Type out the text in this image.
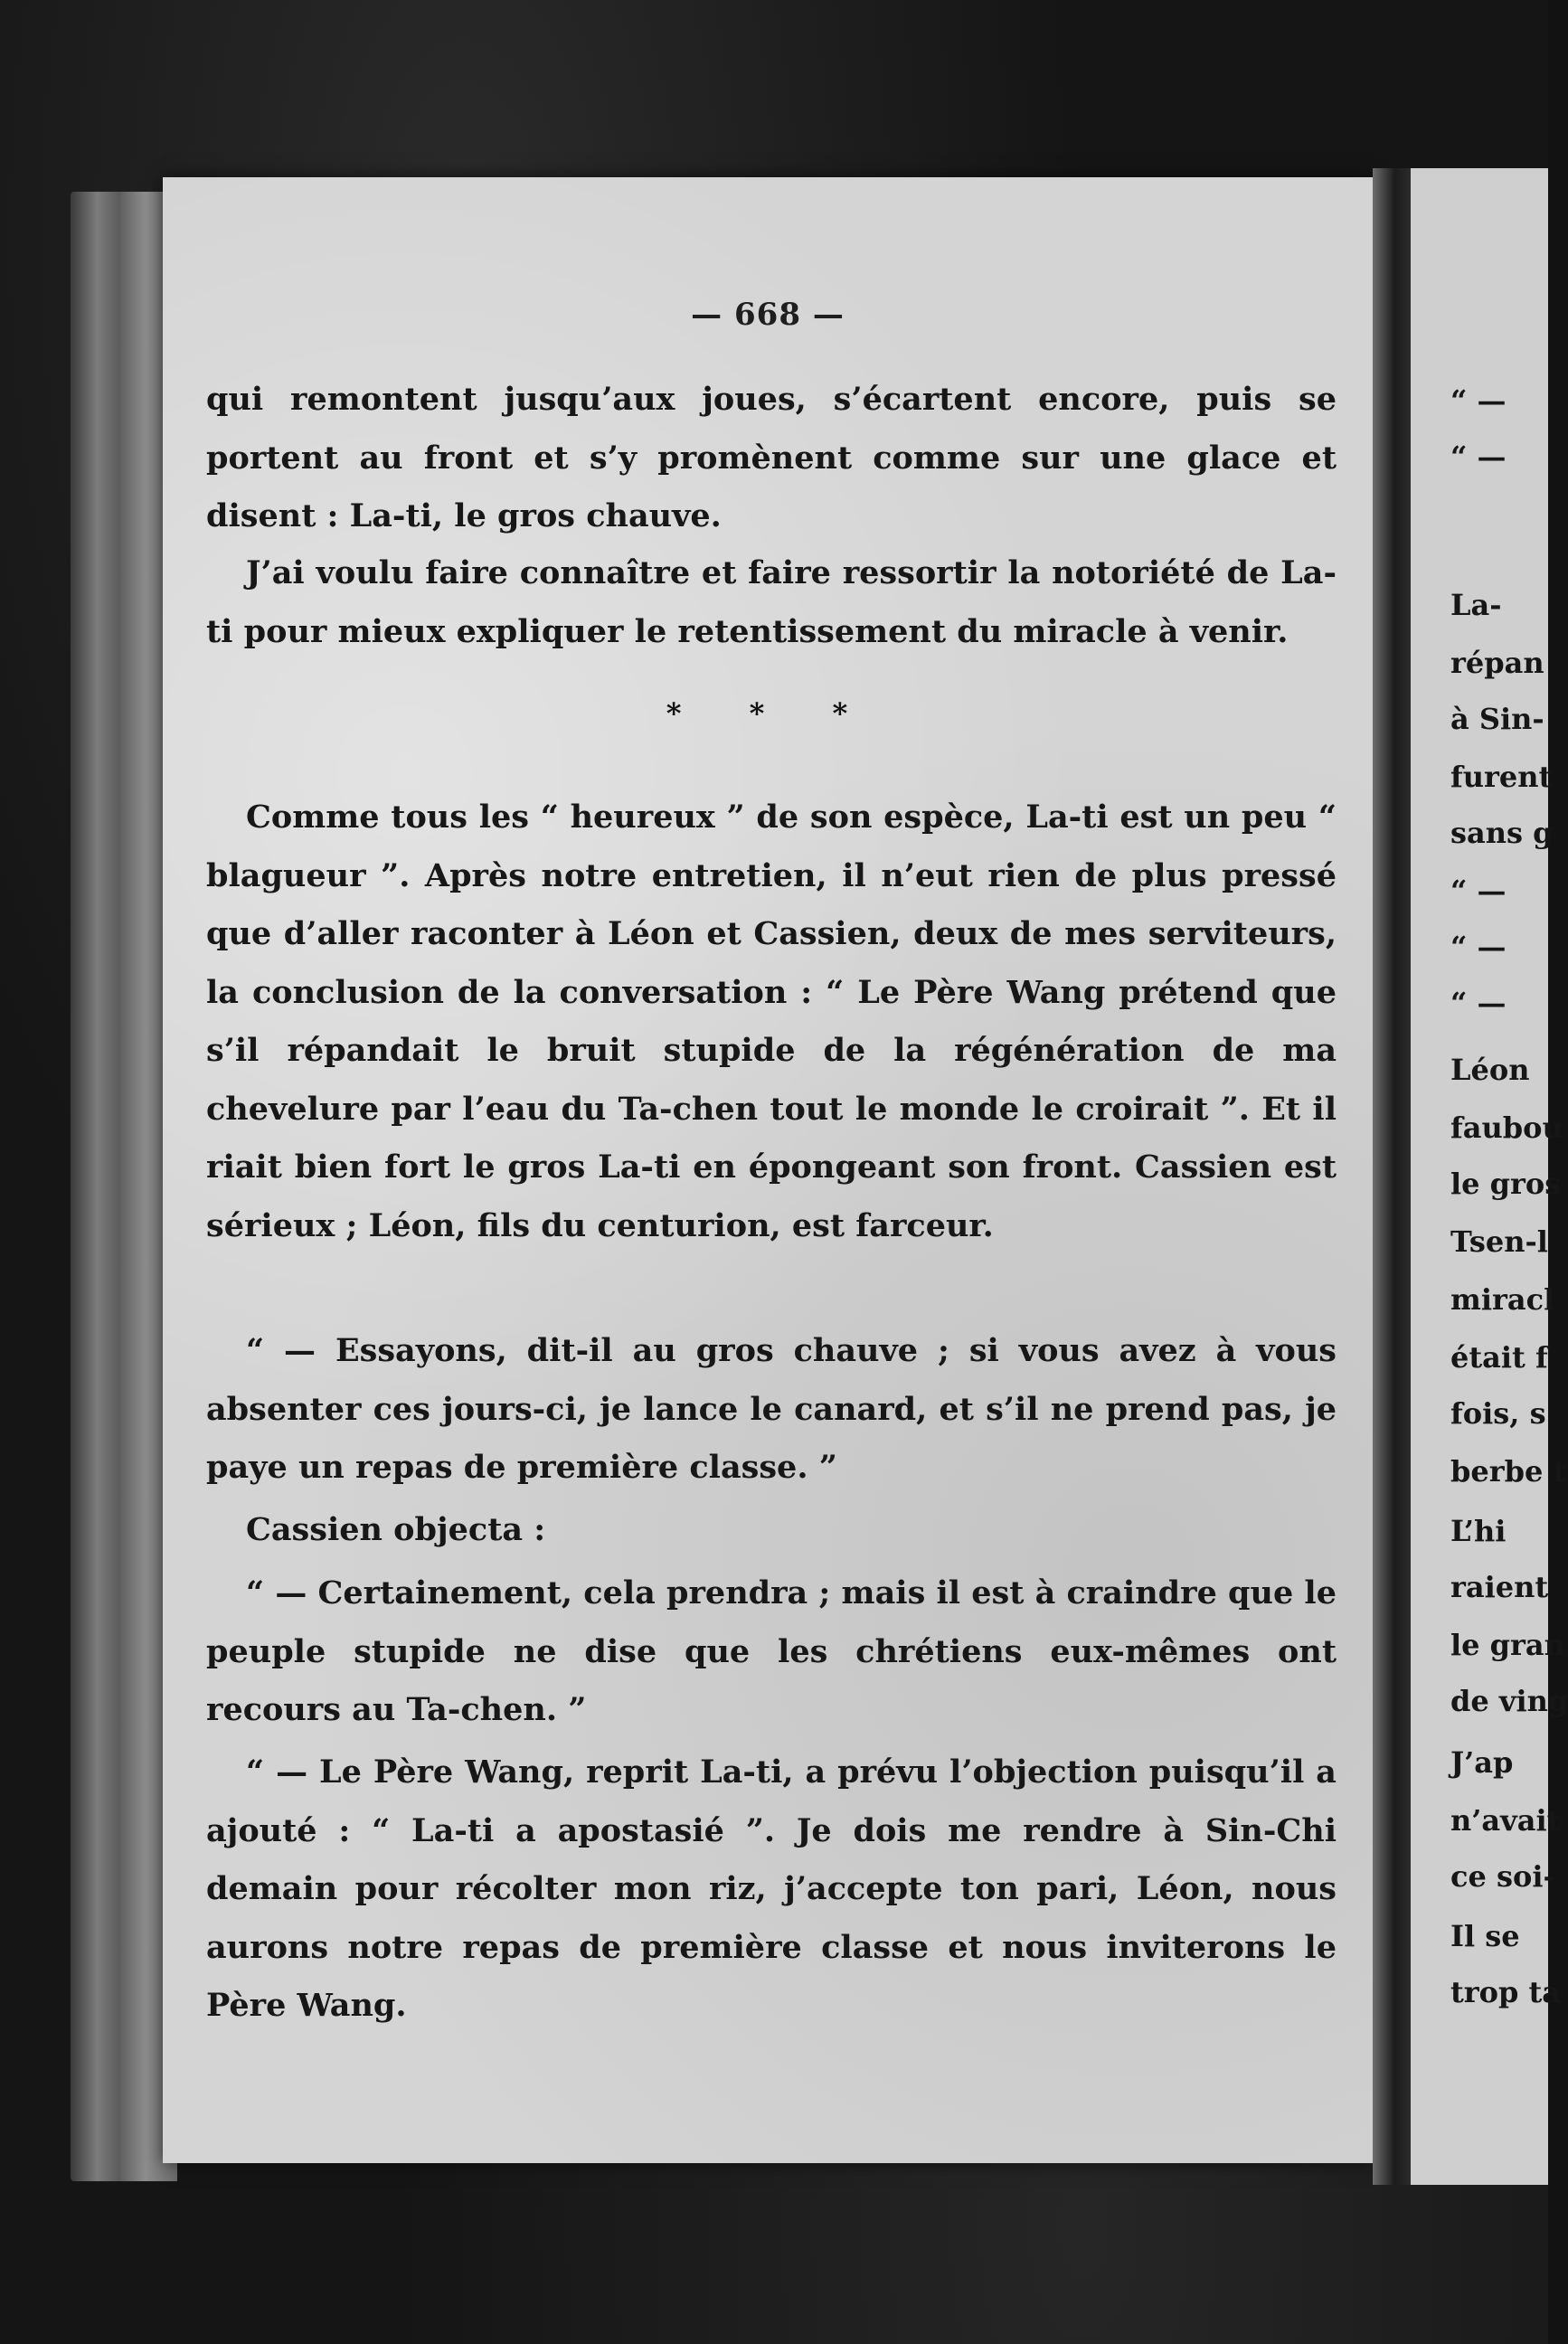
— 668 —
“ —
“ —
La-
répan
à Sin-
furent
sans g
“ —
“ —
“ —
Léon
faubou
le gros
Tsen-l
miracl
était f
fois, s
berbe t
L’hi
raient
le gran
de ving
J’ap
n’avait
ce soi-
Il se
trop ta

qui remontent jusqu’aux joues, s’écartent encore, puis se portent au front et s’y promènent comme sur une glace et disent : La-ti, le gros chauve.

J’ai voulu faire connaître et faire ressortir la notoriété de La-ti pour mieux expliquer le retentissement du miracle à venir.

* * *

Comme tous les “ heureux ” de son espèce, La-ti est un peu “ blagueur ”. Après notre entretien, il n’eut rien de plus pressé que d’aller raconter à Léon et Cassien, deux de mes serviteurs, la conclusion de la conversation : “ Le Père Wang prétend que s’il répandait le bruit stupide de la régénération de ma chevelure par l’eau du Ta-chen tout le monde le croirait ”. Et il riait bien fort le gros La-ti en épongeant son front. Cassien est sérieux ; Léon, fils du centurion, est farceur.

“ — Essayons, dit-il au gros chauve ; si vous avez à vous absenter ces jours-ci, je lance le canard, et s’il ne prend pas, je paye un repas de première classe. ”

Cassien objecta :

“ — Certainement, cela prendra ; mais il est à craindre que le peuple stupide ne dise que les chrétiens eux-mêmes ont recours au Ta-chen. ”

“ — Le Père Wang, reprit La-ti, a prévu l’objection puisqu’il a ajouté : “ La-ti a apostasié ”. Je dois me rendre à Sin-Chi demain pour récolter mon riz, j’accepte ton pari, Léon, nous aurons notre repas de première classe et nous inviterons le Père Wang.
